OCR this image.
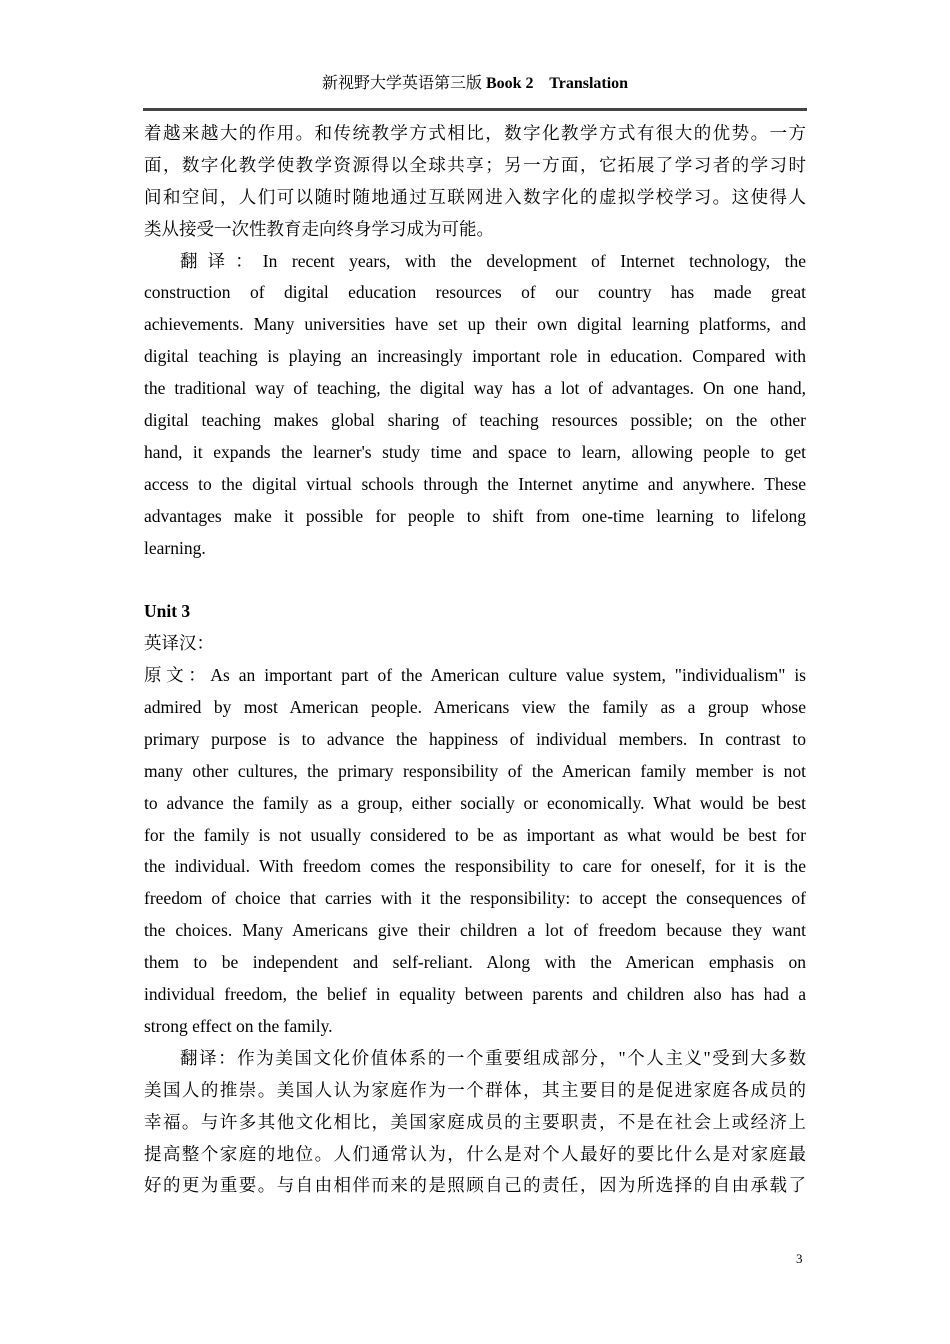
新视野大学英语第三版 Book 2    Translation
着越来越大的作用。和传统教学方式相比，数字化教学方式有很大的优势。一方
面，数字化教学使教学资源得以全球共享；另一方面，它拓展了学习者的学习时
间和空间，人们可以随时随地通过互联网进入数字化的虚拟学校学习。这使得人
类从接受一次性教育走向终身学习成为可能。
翻译：In recent years, with the development of Internet technology, the
construction of digital education resources of our country has made great
achievements. Many universities have set up their own digital learning platforms, and
digital teaching is playing an increasingly important role in education. Compared with
the traditional way of teaching, the digital way has a lot of advantages. On one hand,
digital teaching makes global sharing of teaching resources possible; on the other
hand, it expands the learner's study time and space to learn, allowing people to get
access to the digital virtual schools through the Internet anytime and anywhere. These
advantages make it possible for people to shift from one-time learning to lifelong
learning.
Unit 3
英译汉：
原文：As an important part of the American culture value system, "individualism" is
admired by most American people. Americans view the family as a group whose
primary purpose is to advance the happiness of individual members. In contrast to
many other cultures, the primary responsibility of the American family member is not
to advance the family as a group, either socially or economically. What would be best
for the family is not usually considered to be as important as what would be best for
the individual. With freedom comes the responsibility to care for oneself, for it is the
freedom of choice that carries with it the responsibility: to accept the consequences of
the choices. Many Americans give their children a lot of freedom because they want
them to be independent and self-reliant. Along with the American emphasis on
individual freedom, the belief in equality between parents and children also has had a
strong effect on the family.
翻译：作为美国文化价值体系的一个重要组成部分，"个人主义"受到大多数
美国人的推崇。美国人认为家庭作为一个群体，其主要目的是促进家庭各成员的
幸福。与许多其他文化相比，美国家庭成员的主要职责，不是在社会上或经济上
提高整个家庭的地位。人们通常认为，什么是对个人最好的要比什么是对家庭最
好的更为重要。与自由相伴而来的是照顾自己的责任，因为所选择的自由承载了
3
